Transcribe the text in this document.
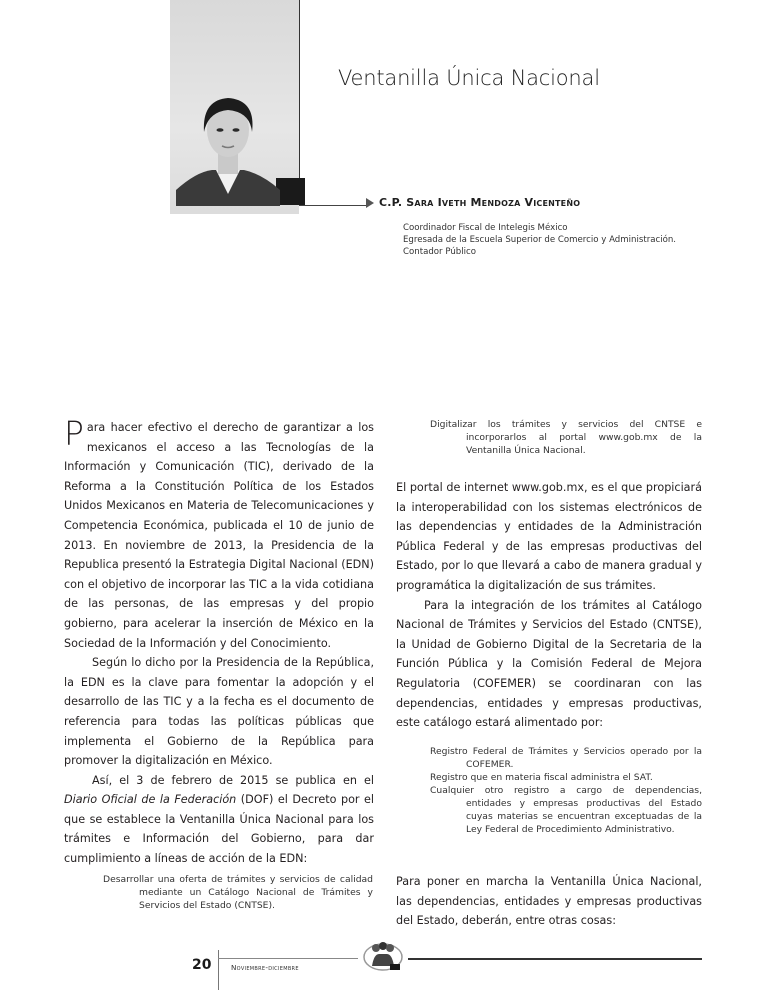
Ventanilla Única Nacional
C.P. Sara Iveth Mendoza Vicenteño
Coordinador Fiscal de Intelegis México
Egresada de la Escuela Superior de Comercio y Administración.
Contador Público

Para hacer efectivo el derecho de garantizar a los mexicanos el acceso a las Tecnologías de la Información y Comunicación (TIC), derivado de la Reforma a la Constitución Política de los Estados Unidos Mexicanos en Materia de Telecomunicaciones y Competencia Económica, publicada el 10 de junio de 2013. En noviembre de 2013, la Presidencia de la Republica presentó la Estrategia Digital Nacional (EDN) con el objetivo de incorporar las TIC a la vida cotidiana de las personas, de las empresas y del propio gobierno, para acelerar la inserción de México en la Sociedad de la Información y del Conocimiento.

Según lo dicho por la Presidencia de la República, la EDN es la clave para fomentar la adopción y el desarrollo de las TIC y a la fecha es el documento de referencia para todas las políticas públicas que implementa el Gobierno de la República para promover la digitalización en México.

Así, el 3 de febrero de 2015 se publica en el Diario Oficial de la Federación (DOF) el Decreto por el que se establece la Ventanilla Única Nacional para los trámites e Información del Gobierno, para dar cumplimiento a líneas de acción de la EDN:

Desarrollar una oferta de trámites y servicios de calidad mediante un Catálogo Nacional de Trámites y Servicios del Estado (CNTSE).
Digitalizar los trámites y servicios del CNTSE e incorporarlos al portal www.gob.mx de la Ventanilla Única Nacional.

El portal de internet www.gob.mx, es el que propiciará la interoperabilidad con los sistemas electrónicos de las dependencias y entidades de la Administración Pública Federal y de las empresas productivas del Estado, por lo que llevará a cabo de manera gradual y programática la digitalización de sus trámites.

Para la integración de los trámites al Catálogo Nacional de Trámites y Servicios del Estado (CNTSE), la Unidad de Gobierno Digital de la Secretaria de la Función Pública y la Comisión Federal de Mejora Regulatoria (COFEMER) se coordinaran con las dependencias, entidades y empresas productivas, este catálogo estará alimentado por:

Registro Federal de Trámites y Servicios operado por la COFEMER.
Registro que en materia fiscal administra el SAT.
Cualquier otro registro a cargo de dependencias, entidades y empresas productivas del Estado cuyas materias se encuentran exceptuadas de la Ley Federal de Procedimiento Administrativo.

Para poner en marcha la Ventanilla Única Nacional, las dependencias, entidades y empresas productivas del Estado, deberán, entre otras cosas:

20	Noviembre-diciembre
